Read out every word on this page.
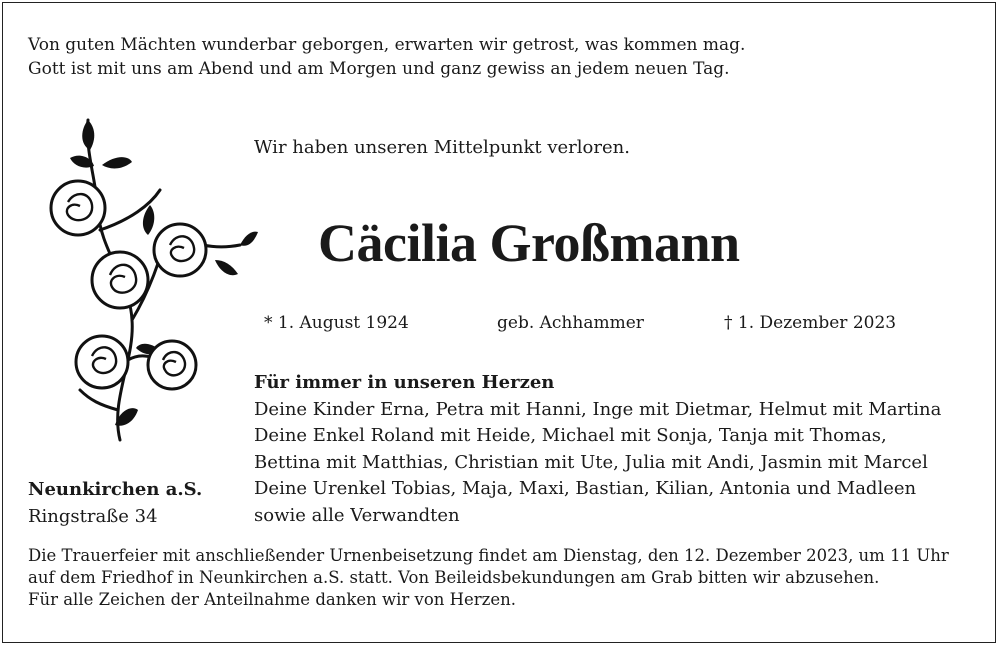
Von guten Mächten wunderbar geborgen, erwarten wir getrost, was kommen mag.
Gott ist mit uns am Abend und am Morgen und ganz gewiss an jedem neuen Tag.
Wir haben unseren Mittelpunkt verloren.
Cäcilia Großmann
* 1. August 1924	geb. Achhammer	† 1. Dezember 2023
Für immer in unseren Herzen
Deine Kinder Erna, Petra mit Hanni, Inge mit Dietmar, Helmut mit Martina
Deine Enkel Roland mit Heide, Michael mit Sonja, Tanja mit Thomas,
Bettina mit Matthias, Christian mit Ute, Julia mit Andi, Jasmin mit Marcel
Deine Urenkel Tobias, Maja, Maxi, Bastian, Kilian, Antonia und Madleen
sowie alle Verwandten
Neunkirchen a.S.
Ringstraße 34
Die Trauerfeier mit anschließender Urnenbeisetzung findet am Dienstag, den 12. Dezember 2023, um 11 Uhr
auf dem Friedhof in Neunkirchen a.S. statt. Von Beileidsbekundungen am Grab bitten wir abzusehen.
Für alle Zeichen der Anteilnahme danken wir von Herzen.
